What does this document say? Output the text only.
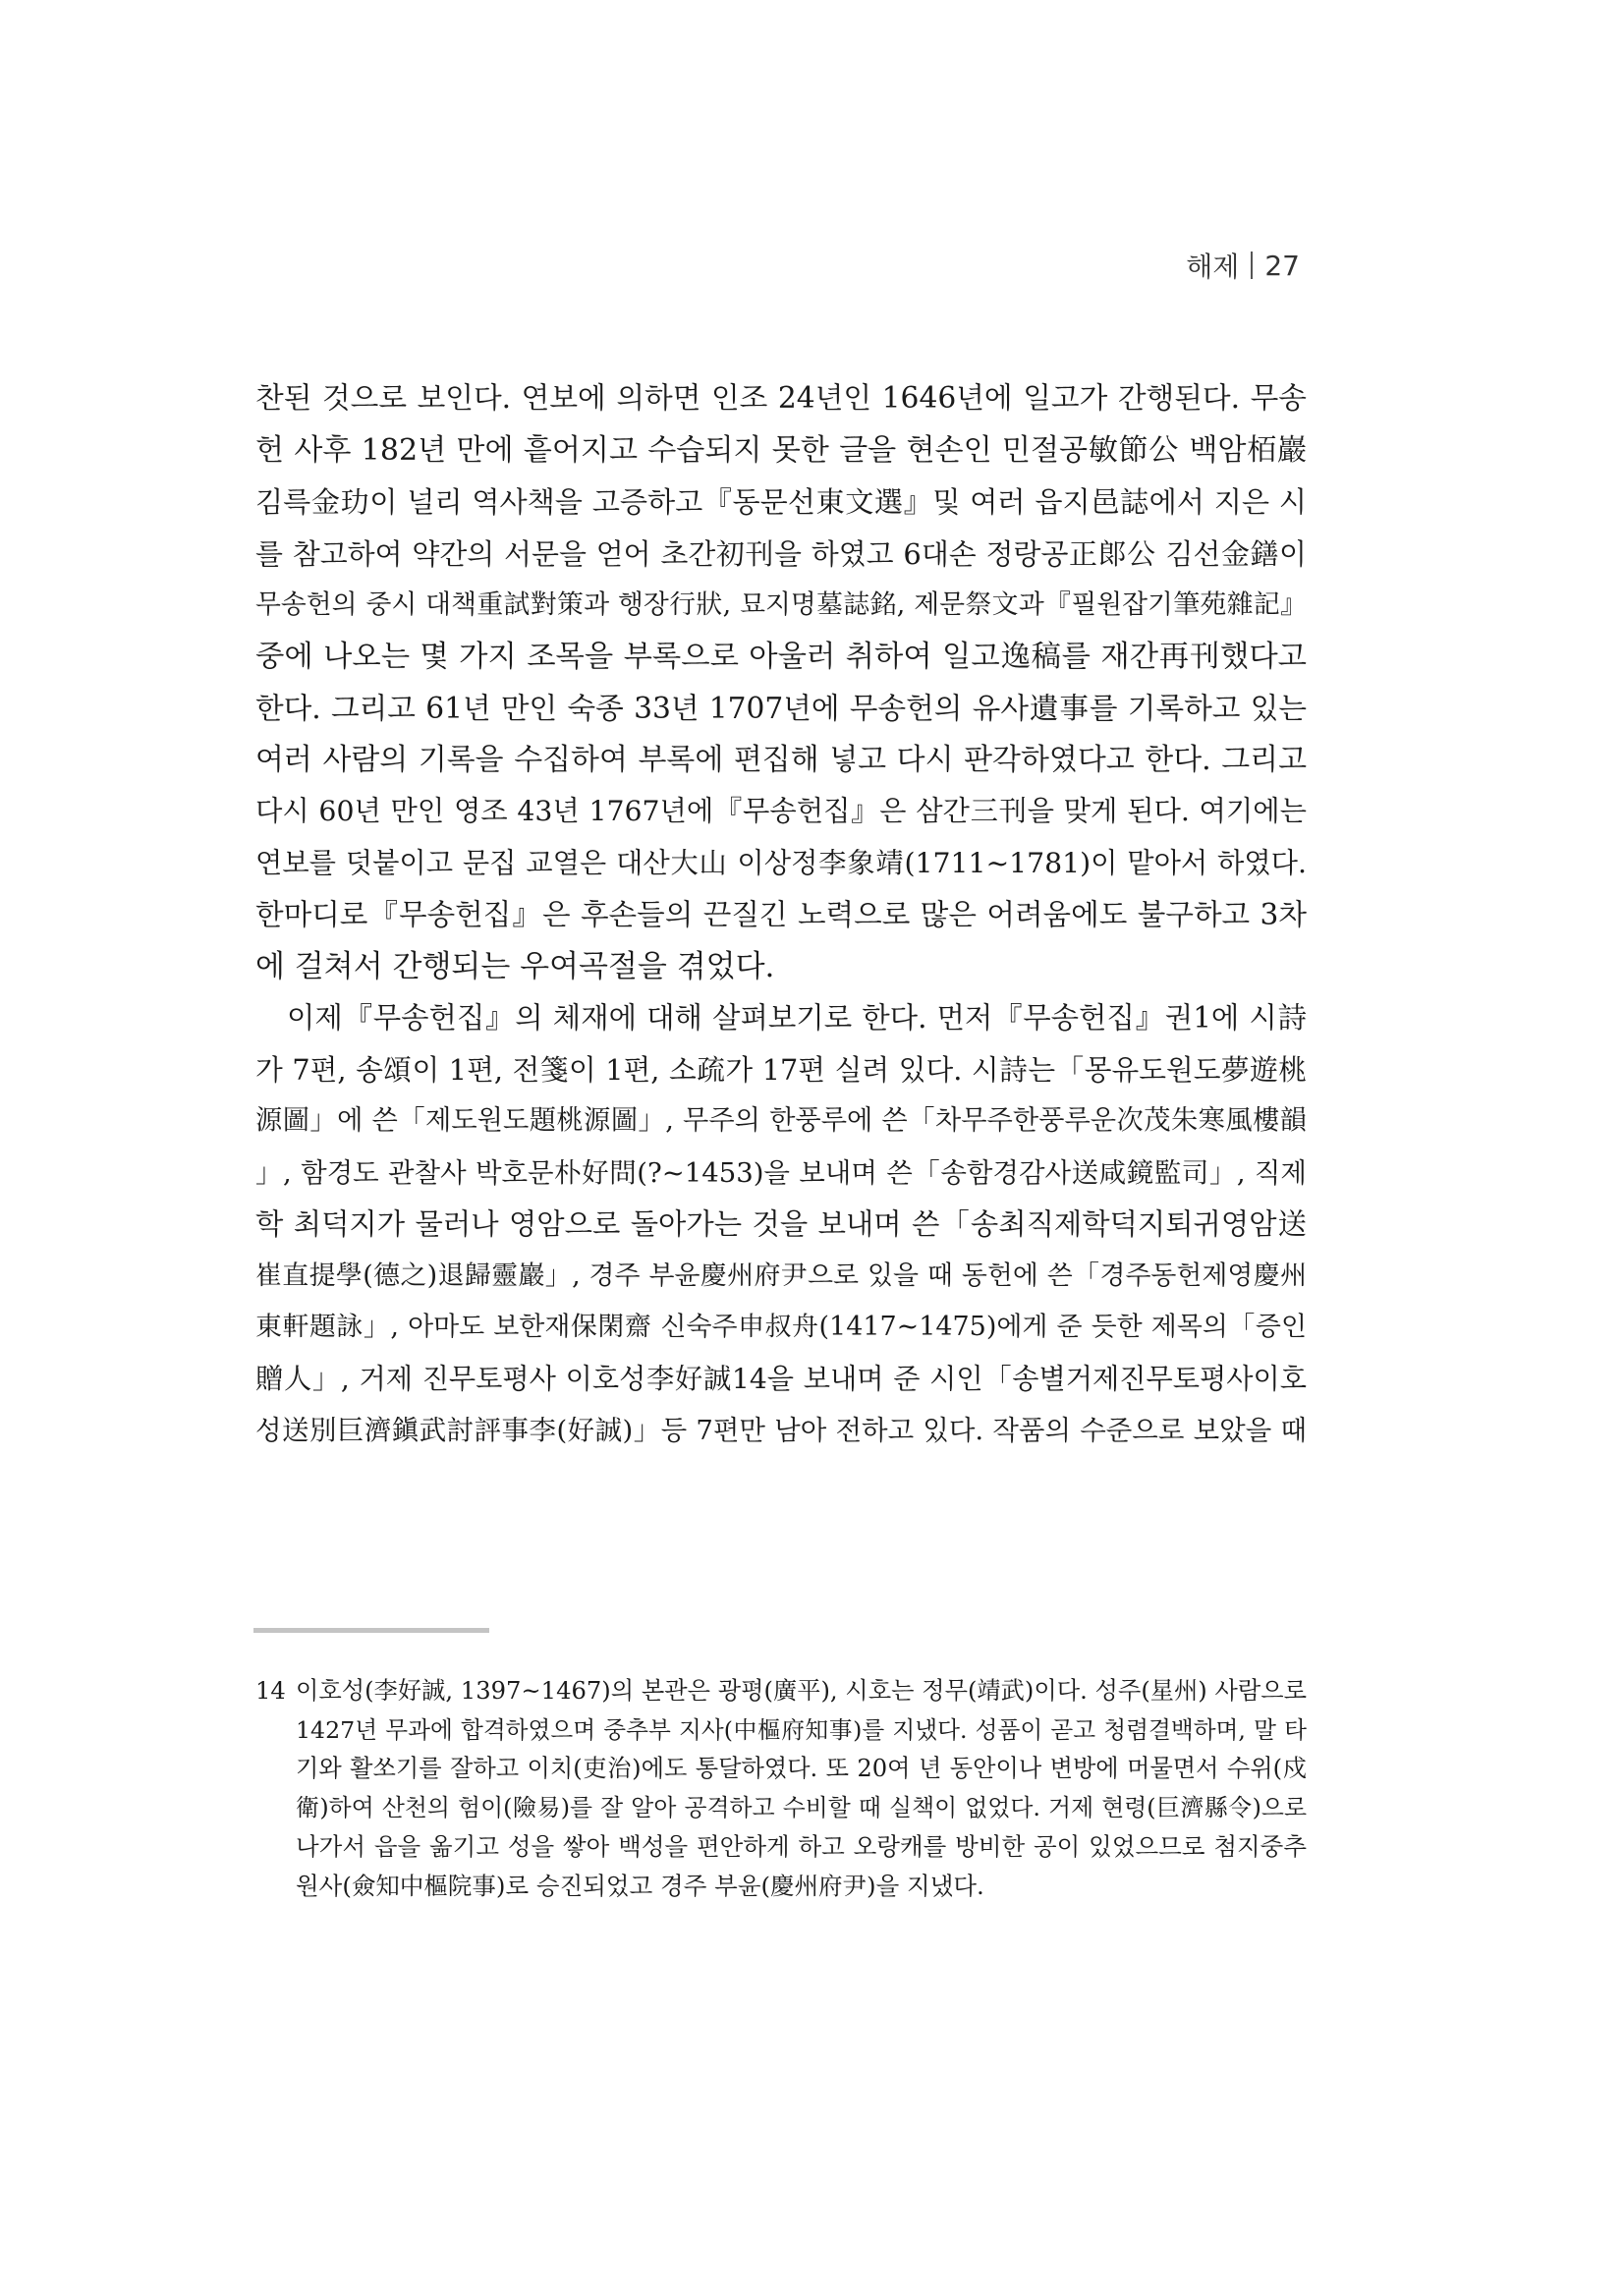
해제 27
찬된 것으로 보인다. 연보에 의하면 인조 24년인 1646년에 일고가 간행된다. 무송
헌 사후 182년 만에 흩어지고 수습되지 못한 글을 현손인 민절공敏節公 백암栢巖
김륵金玏이 널리 역사책을 고증하고『동문선東文選』및 여러 읍지邑誌에서 지은 시
를 참고하여 약간의 서문을 얻어 초간初刊을 하였고 6대손 정랑공正郞公 김선金鐥이
무송헌의 중시 대책重試對策과 행장行狀, 묘지명墓誌銘, 제문祭文과『필원잡기筆苑雜記』
중에 나오는 몇 가지 조목을 부록으로 아울러 취하여 일고逸稿를 재간再刊했다고
한다. 그리고 61년 만인 숙종 33년 1707년에 무송헌의 유사遺事를 기록하고 있는
여러 사람의 기록을 수집하여 부록에 편집해 넣고 다시 판각하였다고 한다. 그리고
다시 60년 만인 영조 43년 1767년에『무송헌집』은 삼간三刊을 맞게 된다. 여기에는
연보를 덧붙이고 문집 교열은 대산大山 이상정李象靖(1711~1781)이 맡아서 하였다.
한마디로『무송헌집』은 후손들의 끈질긴 노력으로 많은 어려움에도 불구하고 3차
에 걸쳐서 간행되는 우여곡절을 겪었다.
이제『무송헌집』의 체재에 대해 살펴보기로 한다. 먼저『무송헌집』권1에 시詩
가 7편, 송頌이 1편, 전箋이 1편, 소疏가 17편 실려 있다. 시詩는「몽유도원도夢遊桃
源圖」에 쓴「제도원도題桃源圖」, 무주의 한풍루에 쓴「차무주한풍루운次茂朱寒風樓韻
」, 함경도 관찰사 박호문朴好問(?~1453)을 보내며 쓴「송함경감사送咸鏡監司」, 직제
학 최덕지가 물러나 영암으로 돌아가는 것을 보내며 쓴「송최직제학덕지퇴귀영암送
崔直提學(德之)退歸靈巖」, 경주 부윤慶州府尹으로 있을 때 동헌에 쓴「경주동헌제영慶州
東軒題詠」, 아마도 보한재保閑齋 신숙주申叔舟(1417~1475)에게 준 듯한 제목의「증인
贈人」, 거제 진무토평사 이호성李好誠14을 보내며 준 시인「송별거제진무토평사이호
성送別巨濟鎭武討評事李(好誠)」등 7편만 남아 전하고 있다. 작품의 수준으로 보았을 때
14 이호성(李好誠, 1397~1467)의 본관은 광평(廣平), 시호는 정무(靖武)이다. 성주(星州) 사람으로
1427년 무과에 합격하였으며 중추부 지사(中樞府知事)를 지냈다. 성품이 곧고 청렴결백하며, 말 타
기와 활쏘기를 잘하고 이치(吏治)에도 통달하였다. 또 20여 년 동안이나 변방에 머물면서 수위(戍
衛)하여 산천의 험이(險易)를 잘 알아 공격하고 수비할 때 실책이 없었다. 거제 현령(巨濟縣令)으로
나가서 읍을 옮기고 성을 쌓아 백성을 편안하게 하고 오랑캐를 방비한 공이 있었으므로 첨지중추
원사(僉知中樞院事)로 승진되었고 경주 부윤(慶州府尹)을 지냈다.
